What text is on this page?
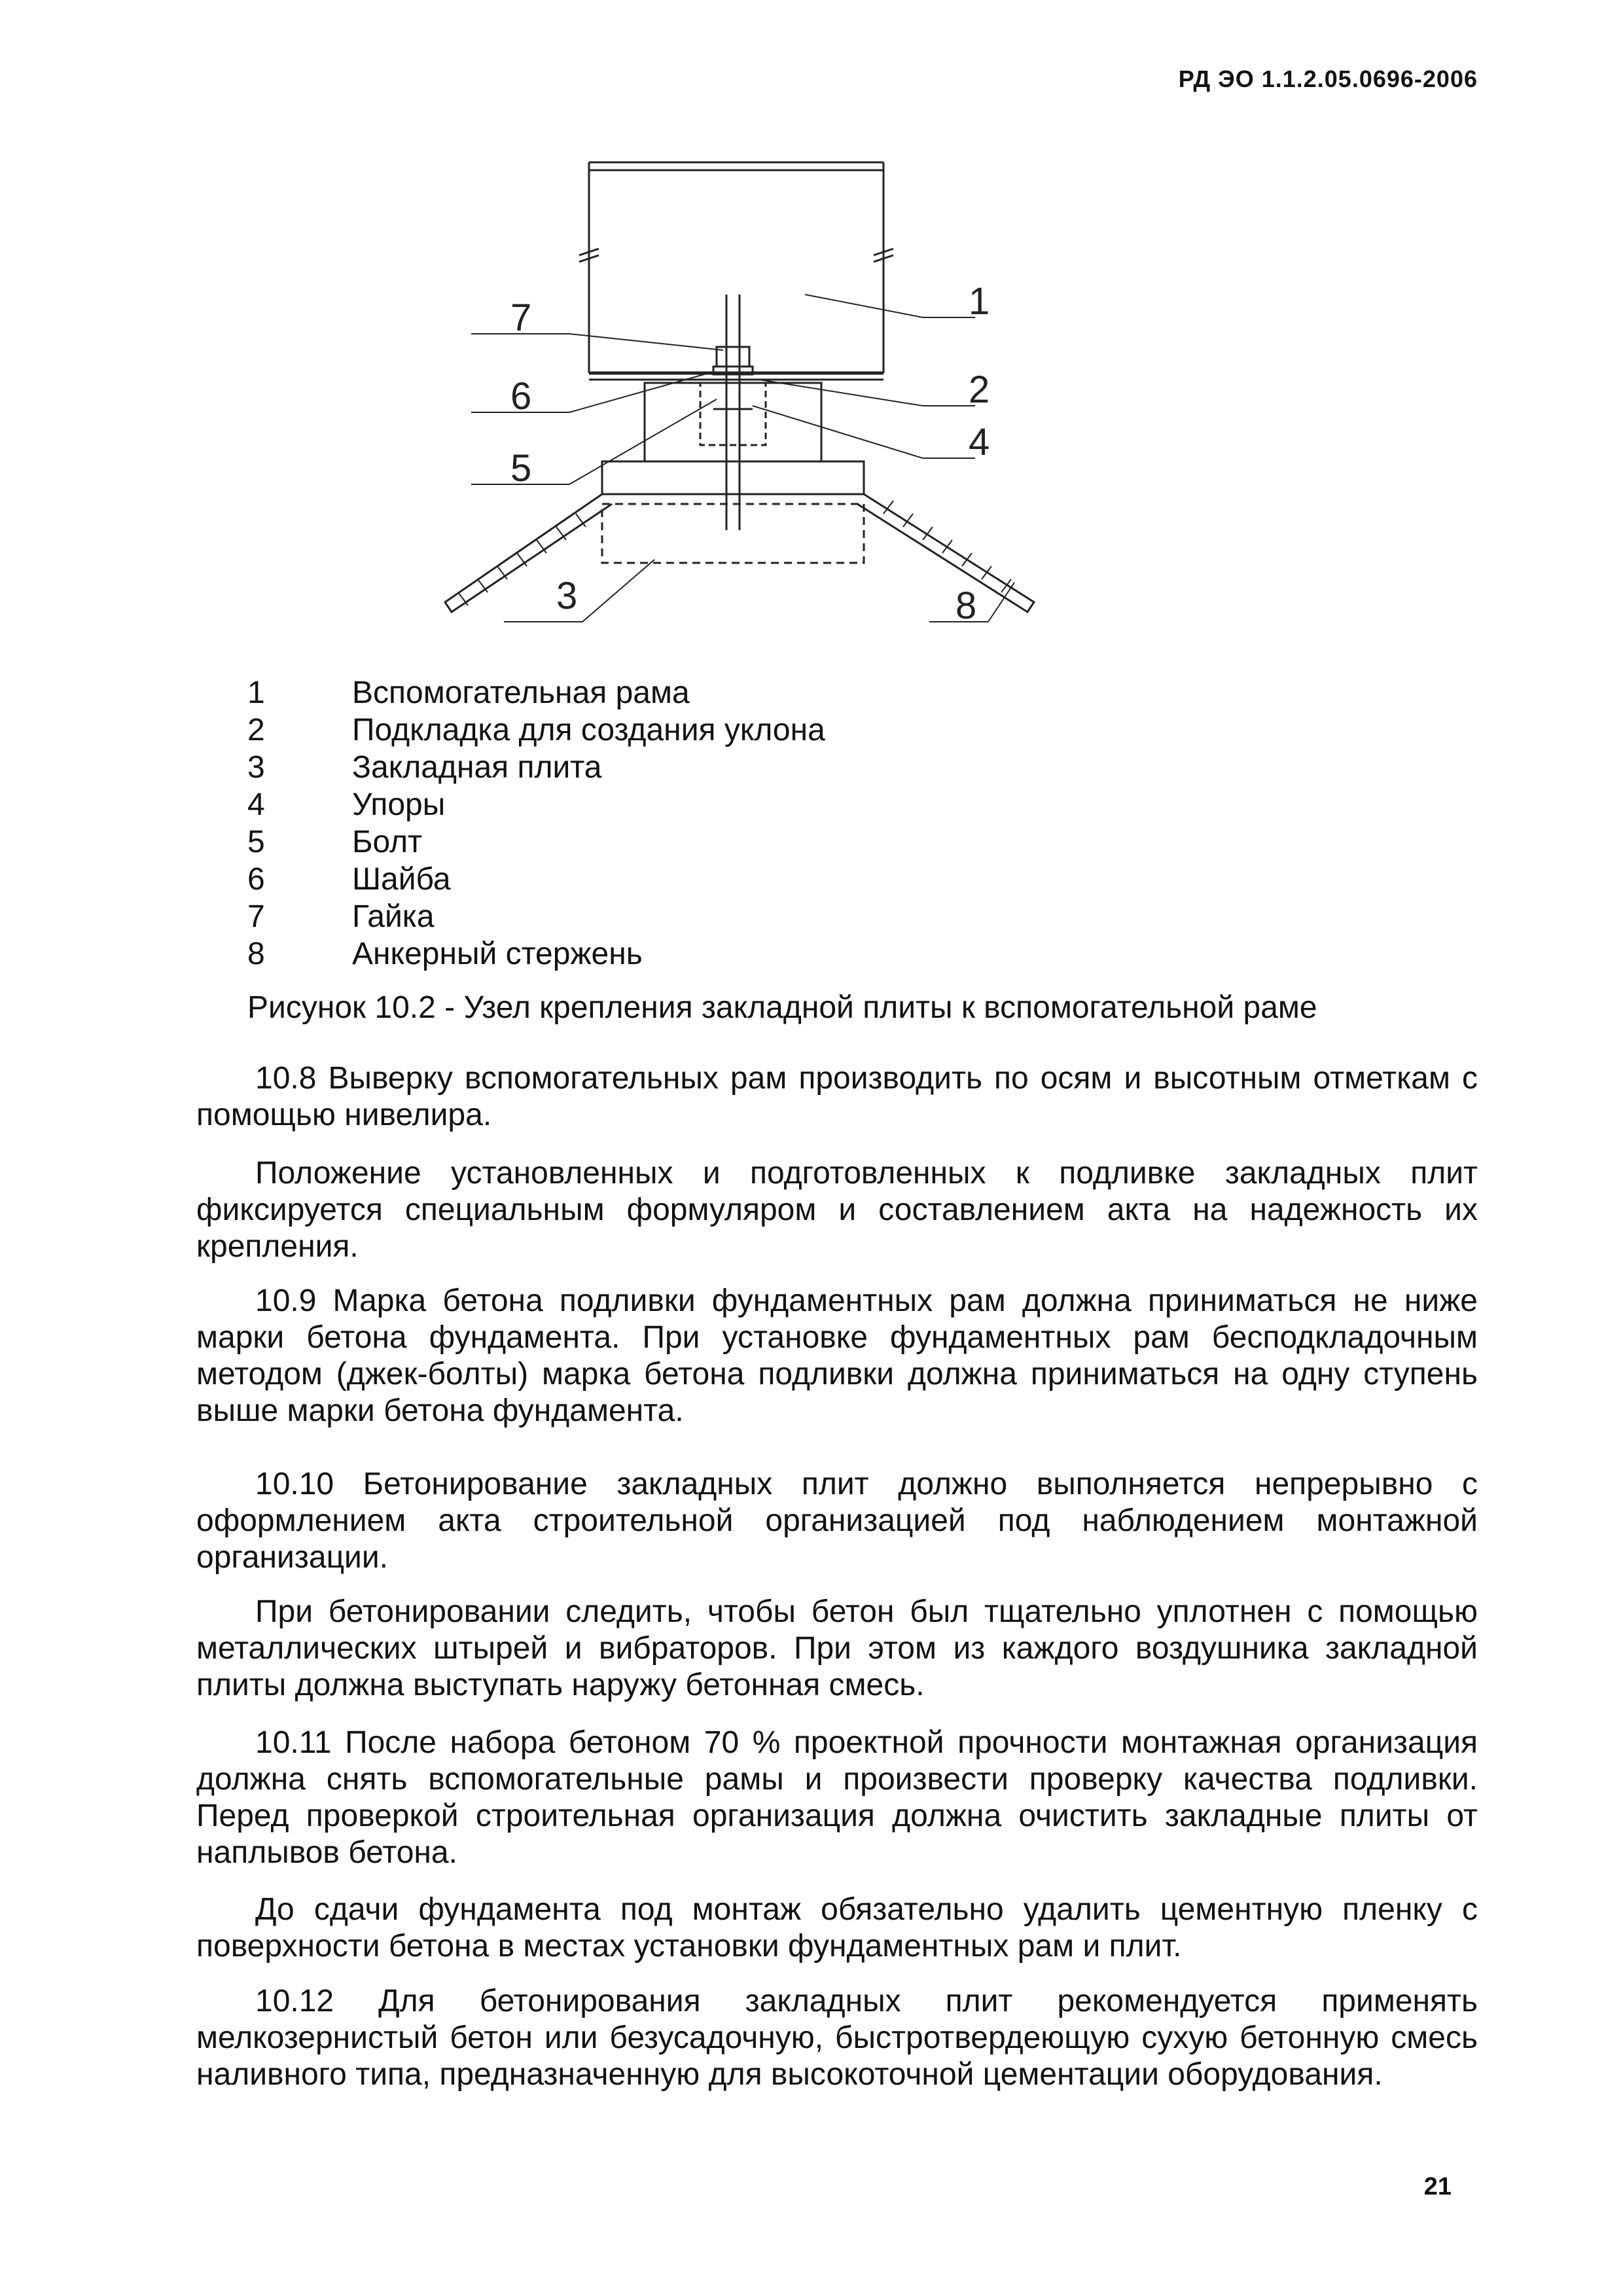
РД ЭО 1.1.2.05.0696-2006
1
2
3
4
5
6
7
8
1	Вспомогательная рама
2	Подкладка для создания уклона
3	Закладная плита
4	Упоры
5	Болт
6	Шайба
7	Гайка
8	Анкерный стержень
Рисунок 10.2 - Узел крепления закладной плиты к вспомогательной раме

10.8 Выверку вспомогательных рам производить по осям и высотным отметкам с помощью нивелира.

Положение установленных и подготовленных к подливке закладных плит фиксируется специальным формуляром и составлением акта на надежность их крепления.

10.9 Марка бетона подливки фундаментных рам должна приниматься не ниже марки бетона фундамента. При установке фундаментных рам бесподкладочным методом (джек-болты) марка бетона подливки должна приниматься на одну ступень выше марки бетона фундамента.

10.10 Бетонирование закладных плит должно выполняется непрерывно с оформлением акта строительной организацией под наблюдением монтажной организации.

При бетонировании следить, чтобы бетон был тщательно уплотнен с помощью металлических штырей и вибраторов. При этом из каждого воздушника закладной плиты должна выступать наружу бетонная смесь.

10.11 После набора бетоном 70 % проектной прочности монтажная организация должна снять вспомогательные рамы и произвести проверку качества подливки. Перед проверкой строительная организация должна очистить закладные плиты от наплывов бетона.

До сдачи фундамента под монтаж обязательно удалить цементную пленку с поверхности бетона в местах установки фундаментных рам и плит.

10.12 Для бетонирования закладных плит рекомендуется применять мелкозернистый бетон или безусадочную, быстротвердеющую сухую бетонную смесь наливного типа, предназначенную для высокоточной цементации оборудования.

21
